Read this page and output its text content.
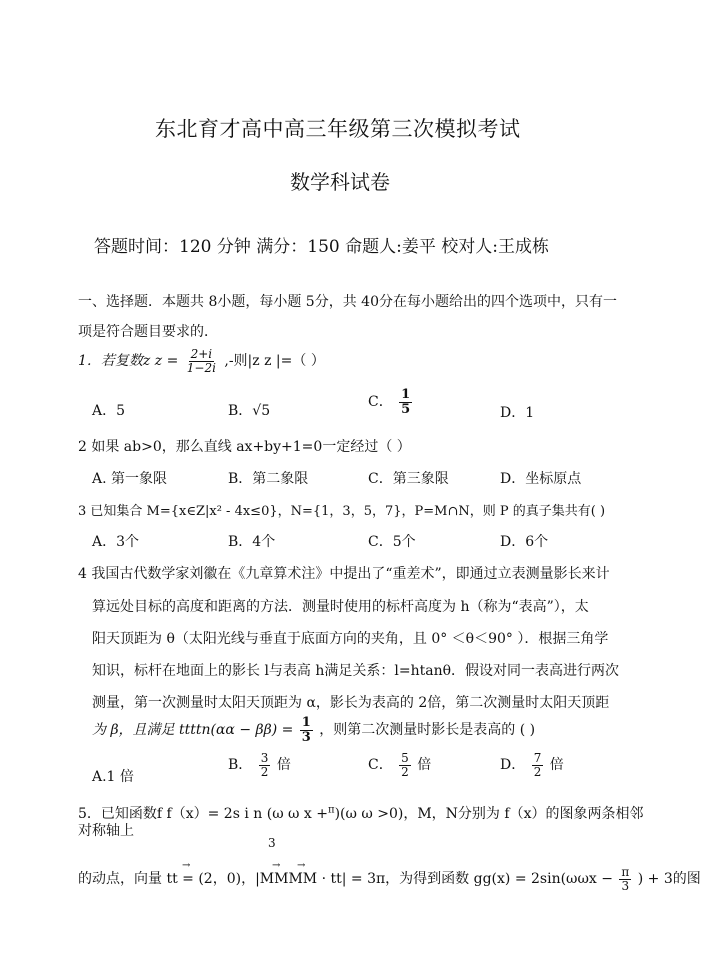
东北育才高中高三年级第三次模拟考试
数学科试卷
答题时间：120 分钟 满分：150 命题人:姜平 校对人:王成栋
一、选择题．本题共 8小题，每小题 5分，共 40分在每小题给出的四个选项中，只有一
项是符合题目要求的．
1．若复数z $z = \frac{2+i}{1-2i}$ ,-则|z z |=（ ）
A．5	B．√5
C． $\frac{1}{5}$	D．1
2 如果 ab>0，那么直线 ax+by+1=0一定经过（ ）
A. 第一象限	B．第二象限	C．第三象限	D．坐标原点
3 已知集合 M={x∈Z|x² - 4x≤0}，N={1，3，5，7}，P=M∩N，则 P 的真子集共有( )
A．3个	B．4个	C．5个	D．6个
4 我国古代数学家刘徽在《九章算术注》中提出了“重差术”，即通过立表测量影长来计
算远处目标的高度和距离的方法．测量时使用的标杆高度为 h（称为“表高”），太
阳天顶距为 θ（太阳光线与垂直于底面方向的夹角，且 0° ＜θ＜90° ）．根据三角学
知识，标杆在地面上的影长 l与表高 h满足关系：l=htanθ．假设对同一表高进行两次
测量，第一次测量时太阳天顶距为 α，影长为表高的 2倍，第二次测量时太阳天顶距
为 β，且满足 ttttn(αα − $\beta\beta) = \frac{1}{3}$ ，则第二次测量时影长是表高的 ( )
A.1 倍
B． $\frac{3}{2}$ 倍	C． $\frac{5}{2}$ 倍	D． $\frac{7}{2}$ 倍
5．已知函数f f（x）= 2s i n (ω ω x +$^\pi$)(ω ω >0)，M，N分别为 f（x）的图象两条相邻
对称轴上
3
→	→ →
的动点，向量 tt = (2，0)，|MMMM · tt| = 3π，为得到函数 $gg(x) = 2\sin(\omega\omega x - \frac{\pi}{3}$ ) + 3的图
